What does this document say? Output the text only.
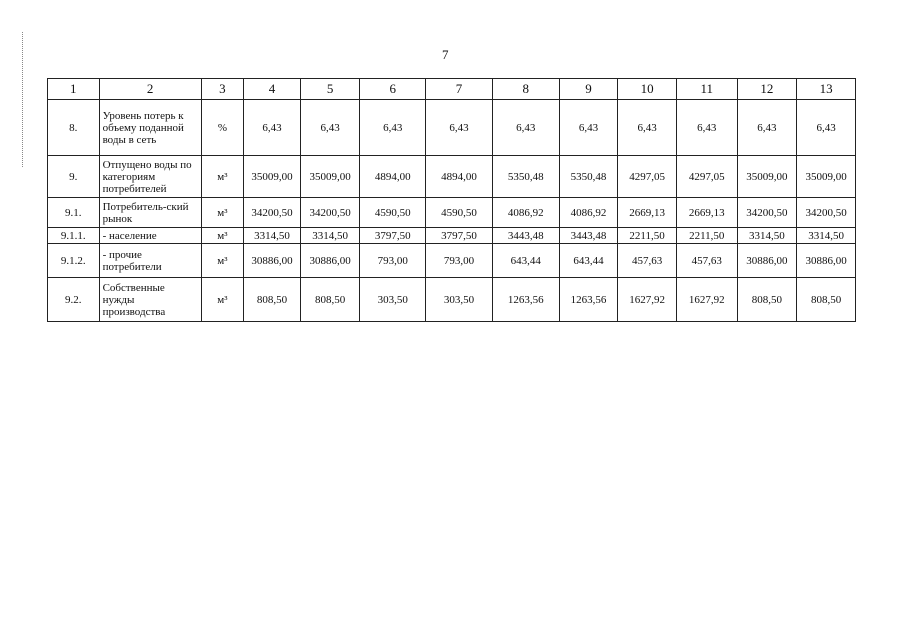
7
1	2	3	4	5	6	7	8	9	10	11	12	13
8.	Уровень потерь к объему поданной воды в сеть	%	6,43	6,43	6,43	6,43	6,43	6,43	6,43	6,43	6,43	6,43
9.	Отпущено воды по категориям потребителей	м³	35009,00	35009,00	4894,00	4894,00	5350,48	5350,48	4297,05	4297,05	35009,00	35009,00
9.1.	Потребитель-ский рынок	м³	34200,50	34200,50	4590,50	4590,50	4086,92	4086,92	2669,13	2669,13	34200,50	34200,50
9.1.1.	- население	м³	3314,50	3314,50	3797,50	3797,50	3443,48	3443,48	2211,50	2211,50	3314,50	3314,50
9.1.2.	- прочие потребители	м³	30886,00	30886,00	793,00	793,00	643,44	643,44	457,63	457,63	30886,00	30886,00
9.2.	Собственные нужды производства	м³	808,50	808,50	303,50	303,50	1263,56	1263,56	1627,92	1627,92	808,50	808,50
